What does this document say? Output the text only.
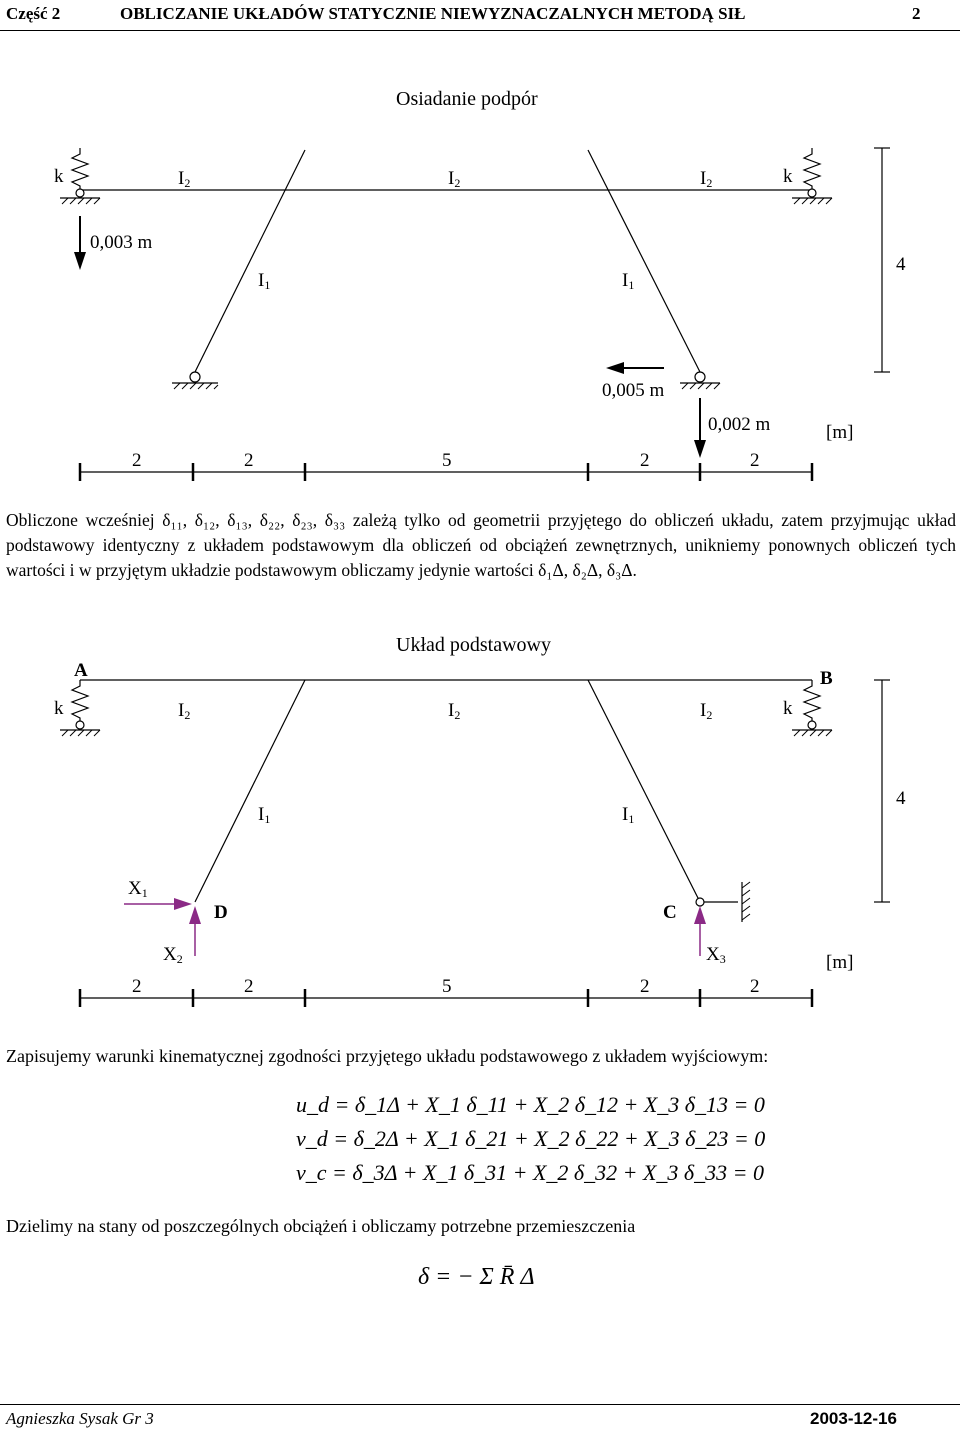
Część 2	OBLICZANIE UKŁADÓW STATYCZNIE NIEWYZNACZALNYCH METODĄ SIŁ	2
Osiadanie podpór
k	k
I2	I2	I2
I1	I1
0,003 m
0,005 m
0,002 m
4
[m]
2	2	5	2	2
Obliczone wcześniej δ₁₁, δ₁₂, δ₁₃, δ₂₂, δ₂₃, δ₃₃ zależą tylko od geometrii przyjętego do obliczeń układu, zatem przyjmując układ podstawowy identyczny z układem podstawowym dla obliczeń od obciążeń zewnętrznych, unikniemy ponownych obliczeń tych wartości i w przyjętym układzie podstawowym obliczamy jedynie wartości δ₁Δ, δ₂Δ, δ₃Δ.
Układ podstawowy
A	B
C
D
k	k
I2	I2	I2
I1	I1
X1
X2	X3
4
[m]
2	2	5	2	2
Zapisujemy warunki kinematycznej zgodności przyjętego układu podstawowego z układem wyjściowym:
u_d = δ_1Δ + X_1 δ_11 + X_2 δ_12 + X_3 δ_13 = 0
v_d = δ_2Δ + X_1 δ_21 + X_2 δ_22 + X_3 δ_23 = 0
v_c = δ_3Δ + X_1 δ_31 + X_2 δ_32 + X_3 δ_33 = 0
Dzielimy na stany od poszczególnych obciążeń i obliczamy potrzebne przemieszczenia
δ = − Σ R̄ Δ
Agnieszka Sysak Gr 3	2003-12-16
